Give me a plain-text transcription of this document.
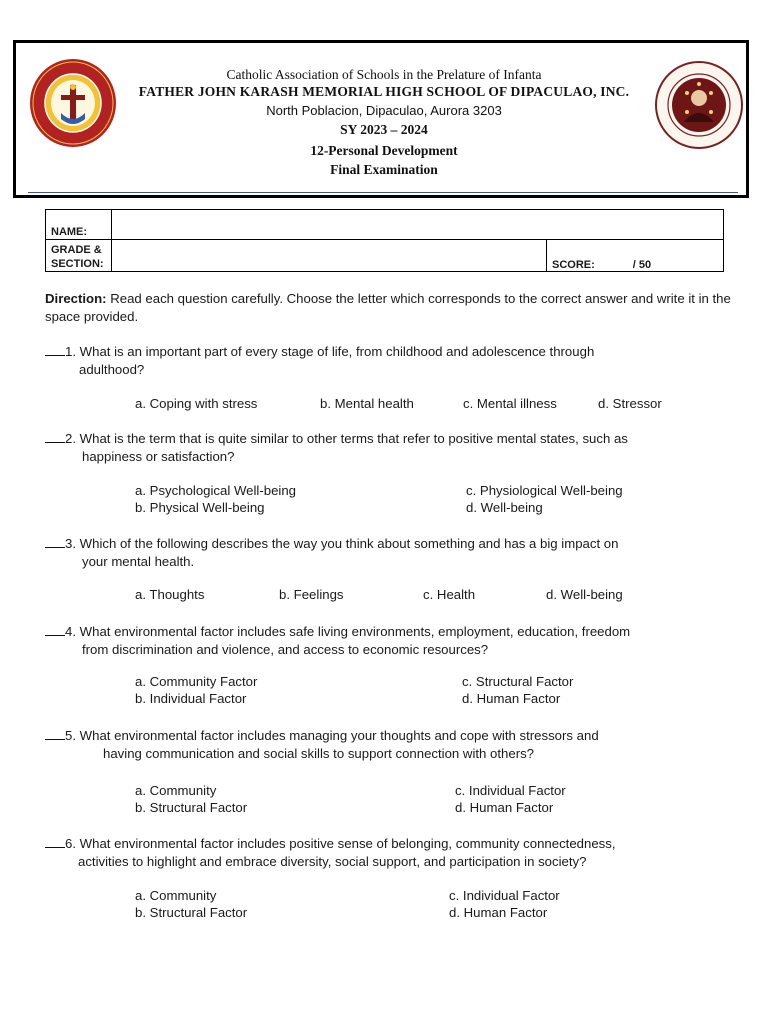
Catholic Association of Schools in the Prelature of Infanta
FATHER JOHN KARASH MEMORIAL HIGH SCHOOL OF DIPACULAO, INC.
North Poblacion, Dipaculao, Aurora 3203
SY 2023 – 2024
12-Personal Development
Final Examination
NAME:		
GRADE &
SECTION:		SCORE: / 50
Direction: Read each question carefully. Choose the letter which corresponds to the correct answer and write it in the space provided.
1. What is an important part of every stage of life, from childhood and adolescence through
adulthood?
a. Coping with stress	b. Mental health	c. Mental illness	d. Stressor
2. What is the term that is quite similar to other terms that refer to positive mental states, such as
happiness or satisfaction?
a. Psychological Well-being	c. Physiological Well-being
b. Physical Well-being	d. Well-being
3. Which of the following describes the way you think about something and has a big impact on
your mental health.
a. Thoughts	b. Feelings	c. Health	d. Well-being
4. What environmental factor includes safe living environments, employment, education, freedom
from discrimination and violence, and access to economic resources?
a. Community Factor	c. Structural Factor
b. Individual Factor	d. Human Factor
5. What environmental factor includes managing your thoughts and cope with stressors and
having communication and social skills to support connection with others?
a. Community	c. Individual Factor
b. Structural Factor	d. Human Factor
6. What environmental factor includes positive sense of belonging, community connectedness,
activities to highlight and embrace diversity, social support, and participation in society?
a. Community	c. Individual Factor
b. Structural Factor	d. Human Factor
